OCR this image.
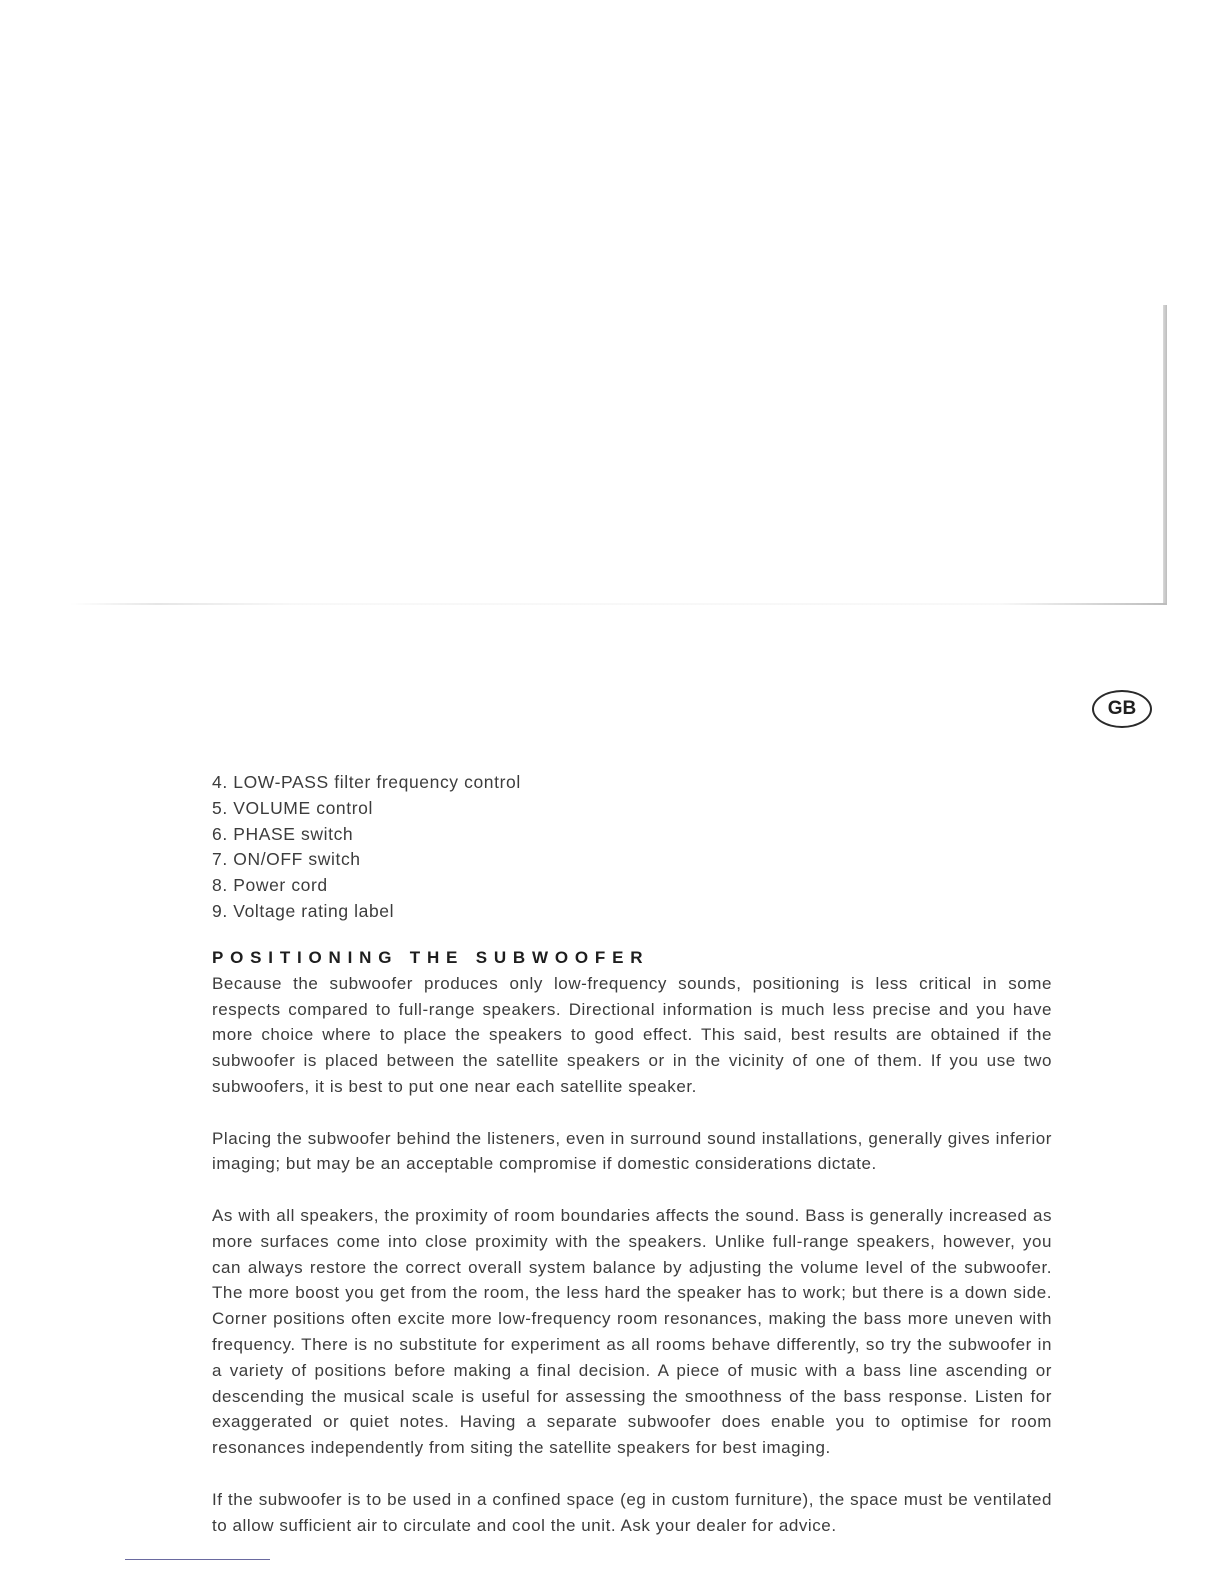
GB
4. LOW-PASS filter frequency control
5. VOLUME control
6. PHASE switch
7. ON/OFF switch
8. Power cord
9. Voltage rating label
POSITIONING THE SUBWOOFER

Because the subwoofer produces only low-frequency sounds, positioning is less critical in some respects compared to full-range speakers. Directional information is much less precise and you have more choice where to place the speakers to good effect. This said, best results are obtained if the subwoofer is placed between the satellite speakers or in the vicinity of one of them. If you use two subwoofers, it is best to put one near each satellite speaker.

Placing the subwoofer behind the listeners, even in surround sound installations, generally gives inferior imaging; but may be an acceptable compromise if domestic considerations dictate.

As with all speakers, the proximity of room boundaries affects the sound. Bass is generally increased as more surfaces come into close proximity with the speakers. Unlike full-range speakers, however, you can always restore the correct overall system balance by adjusting the volume level of the subwoofer. The more boost you get from the room, the less hard the speaker has to work; but there is a down side. Corner positions often excite more low-frequency room resonances, making the bass more uneven with frequency. There is no substitute for experiment as all rooms behave differently, so try the subwoofer in a variety of positions before making a final decision. A piece of music with a bass line ascending or descending the musical scale is useful for assessing the smoothness of the bass response. Listen for exaggerated or quiet notes. Having a separate subwoofer does enable you to optimise for room resonances independently from siting the satellite speakers for best imaging.

If the subwoofer is to be used in a confined space (eg in custom furniture), the space must be ventilated to allow sufficient air to circulate and cool the unit. Ask your dealer for advice.
